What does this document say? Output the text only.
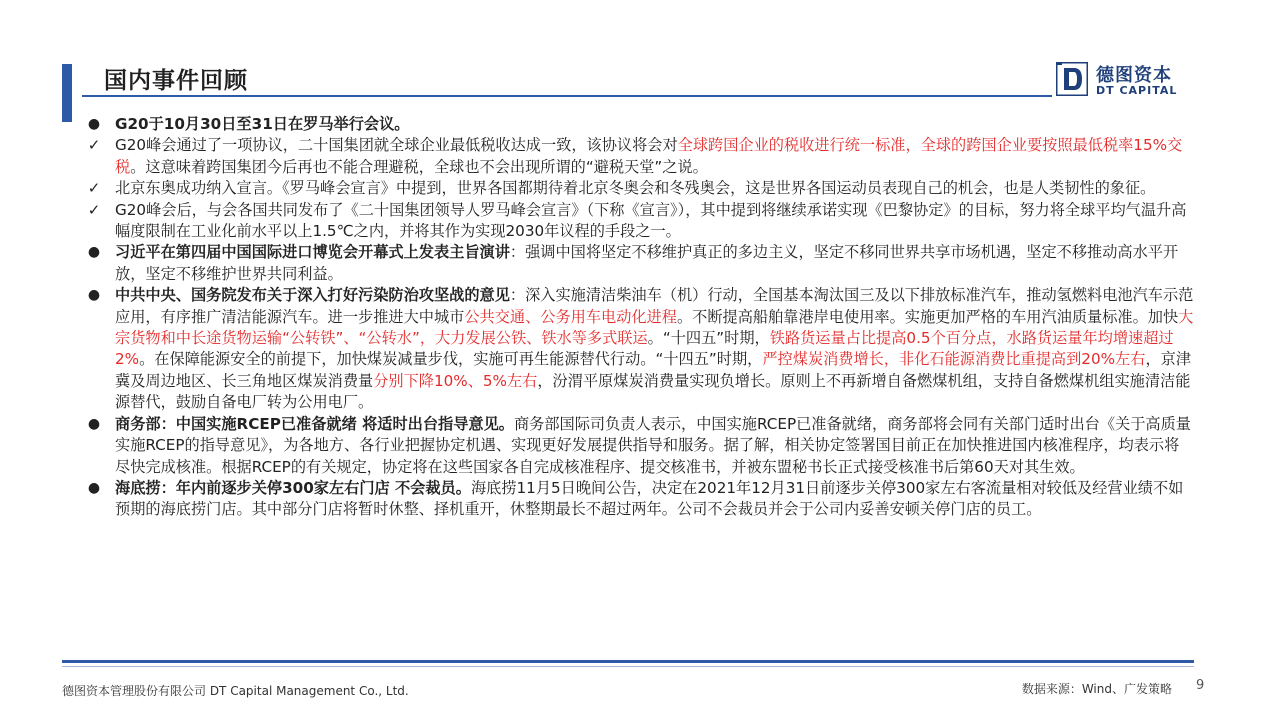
国内事件回顾	德图资本
DT CAPITAL
● G20于10月30日至31日在罗马举行会议。
✓ G20峰会通过了一项协议，二十国集团就全球企业最低税收达成一致，该协议将会对全球跨国企业的税收进行统一标准，全球的跨国企业要按照最低税率15%交税。这意味着跨国集团今后再也不能合理避税，全球也不会出现所谓的“避税天堂”之说。
✓ 北京东奥成功纳入宣言。《罗马峰会宣言》中提到，世界各国都期待着北京冬奥会和冬残奥会，这是世界各国运动员表现自己的机会，也是人类韧性的象征。
✓ G20峰会后，与会各国共同发布了《二十国集团领导人罗马峰会宣言》（下称《宣言》），其中提到将继续承诺实现《巴黎协定》的目标，努力将全球平均气温升高幅度限制在工业化前水平以上1.5℃之内，并将其作为实现2030年议程的手段之一。
● 习近平在第四届中国国际进口博览会开幕式上发表主旨演讲：强调中国将坚定不移维护真正的多边主义，坚定不移同世界共享市场机遇，坚定不移推动高水平开放，坚定不移维护世界共同利益。
● 中共中央、国务院发布关于深入打好污染防治攻坚战的意见：深入实施清洁柴油车（机）行动，全国基本淘汰国三及以下排放标准汽车，推动氢燃料电池汽车示范应用，有序推广清洁能源汽车。进一步推进大中城市公共交通、公务用车电动化进程。不断提高船舶靠港岸电使用率。实施更加严格的车用汽油质量标准。加快大宗货物和中长途货物运输“公转铁”、“公转水”，大力发展公铁、铁水等多式联运。“十四五”时期，铁路货运量占比提高0.5个百分点，水路货运量年均增速超过2%。在保障能源安全的前提下，加快煤炭减量步伐，实施可再生能源替代行动。“十四五”时期，严控煤炭消费增长，非化石能源消费比重提高到20%左右，京津冀及周边地区、长三角地区煤炭消费量分别下降10%、5%左右，汾渭平原煤炭消费量实现负增长。原则上不再新增自备燃煤机组，支持自备燃煤机组实施清洁能源替代，鼓励自备电厂转为公用电厂。
● 商务部：中国实施RCEP已准备就绪 将适时出台指导意见。商务部国际司负责人表示，中国实施RCEP已准备就绪，商务部将会同有关部门适时出台《关于高质量实施RCEP的指导意见》，为各地方、各行业把握协定机遇、实现更好发展提供指导和服务。据了解，相关协定签署国目前正在加快推进国内核准程序，均表示将尽快完成核准。根据RCEP的有关规定，协定将在这些国家各自完成核准程序、提交核准书，并被东盟秘书长正式接受核准书后第60天对其生效。
● 海底捞：年内前逐步关停300家左右门店 不会裁员。海底捞11月5日晚间公告，决定在2021年12月31日前逐步关停300家左右客流量相对较低及经营业绩不如预期的海底捞门店。其中部分门店将暂时休整、择机重开，休整期最长不超过两年。公司不会裁员并会于公司内妥善安顿关停门店的员工。
德图资本管理股份有限公司 DT Capital Management Co., Ltd.	数据来源：Wind、广发策略 9
